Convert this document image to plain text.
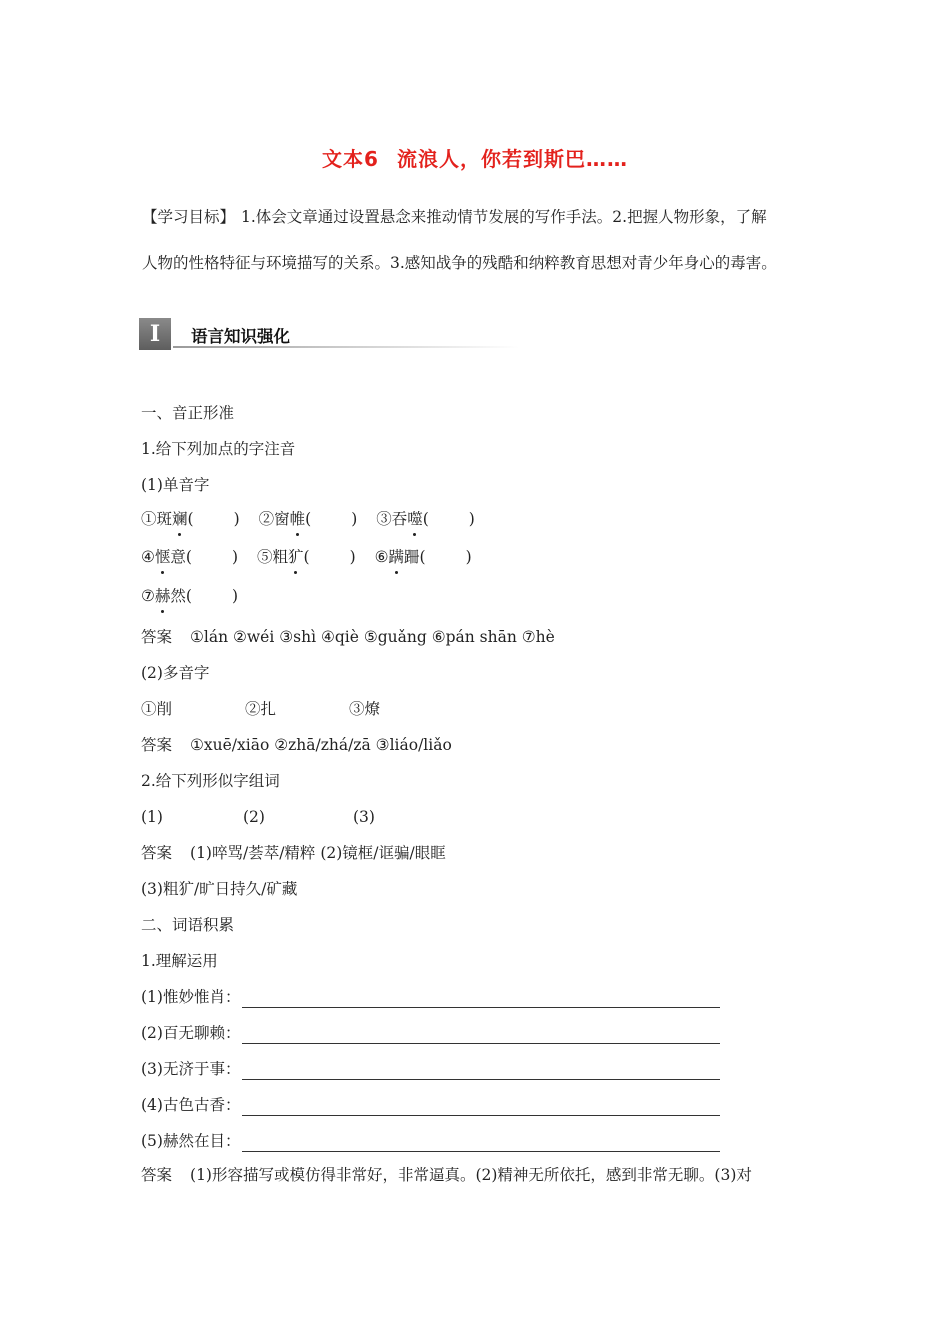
文本6 流浪人，你若到斯巴……
【学习目标】 1.体会文章通过设置悬念来推动情节发展的写作手法。2.把握人物形象，了解
人物的性格特征与环境描写的关系。3.感知战争的残酷和纳粹教育思想对青少年身心的毒害。
I	语言知识强化
一、音正形准
1.给下列加点的字注音
(1)单音字
①斑斓(	) ②窗帷(	) ③吞噬(	)
④惬意(	) ⑤粗犷(	) ⑥蹒跚(	)
⑦赫然(	)
答案 ①lán ②wéi ③shì ④qiè ⑤guǎng ⑥pán shān ⑦hè
(2)多音字
①削	②扎	③燎
答案 ①xuē/xiāo ②zhā/zhá/zā ③liáo/liǎo
2.给下列形似字组词
(1)	(2)	(3)
答案 (1)啐骂/荟萃/精粹 (2)镜框/诓骗/眼眶
(3)粗犷/旷日持久/矿藏
二、词语积累
1.理解运用
(1)惟妙惟肖：
(2)百无聊赖：
(3)无济于事：
(4)古色古香：
(5)赫然在目：
答案 (1)形容描写或模仿得非常好，非常逼真。(2)精神无所依托，感到非常无聊。(3)对
